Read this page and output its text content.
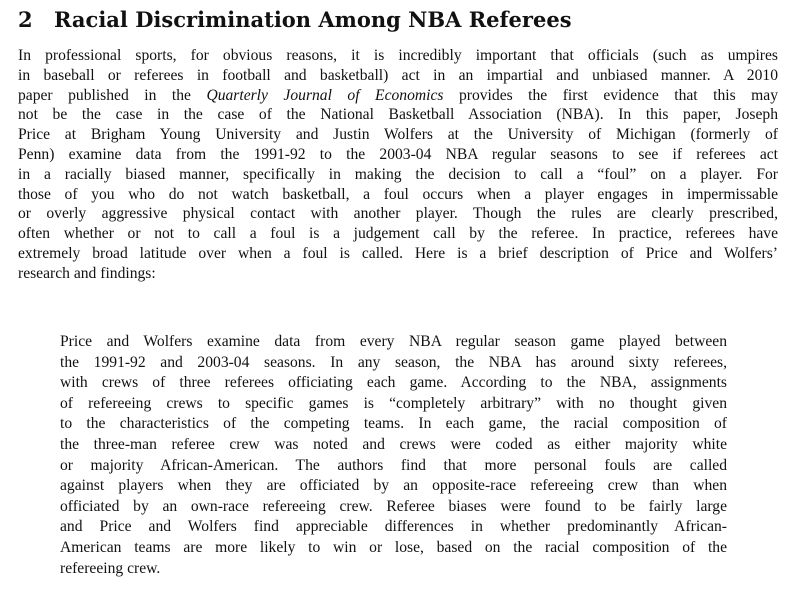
2 Racial Discrimination Among NBA Referees
In professional sports, for obvious reasons, it is incredibly important that officials (such as umpires
in baseball or referees in football and basketball) act in an impartial and unbiased manner. A 2010
paper published in the Quarterly Journal of Economics provides the first evidence that this may
not be the case in the case of the National Basketball Association (NBA). In this paper, Joseph
Price at Brigham Young University and Justin Wolfers at the University of Michigan (formerly of
Penn) examine data from the 1991-92 to the 2003-04 NBA regular seasons to see if referees act
in a racially biased manner, specifically in making the decision to call a “foul” on a player. For
those of you who do not watch basketball, a foul occurs when a player engages in impermissable
or overly aggressive physical contact with another player. Though the rules are clearly prescribed,
often whether or not to call a foul is a judgement call by the referee. In practice, referees have
extremely broad latitude over when a foul is called. Here is a brief description of Price and Wolfers’
research and findings:
Price and Wolfers examine data from every NBA regular season game played between
the 1991-92 and 2003-04 seasons. In any season, the NBA has around sixty referees,
with crews of three referees officiating each game. According to the NBA, assignments
of refereeing crews to specific games is “completely arbitrary” with no thought given
to the characteristics of the competing teams. In each game, the racial composition of
the three-man referee crew was noted and crews were coded as either majority white
or majority African-American. The authors find that more personal fouls are called
against players when they are officiated by an opposite-race refereeing crew than when
officiated by an own-race refereeing crew. Referee biases were found to be fairly large
and Price and Wolfers find appreciable differences in whether predominantly African-
American teams are more likely to win or lose, based on the racial composition of the
refereeing crew.
